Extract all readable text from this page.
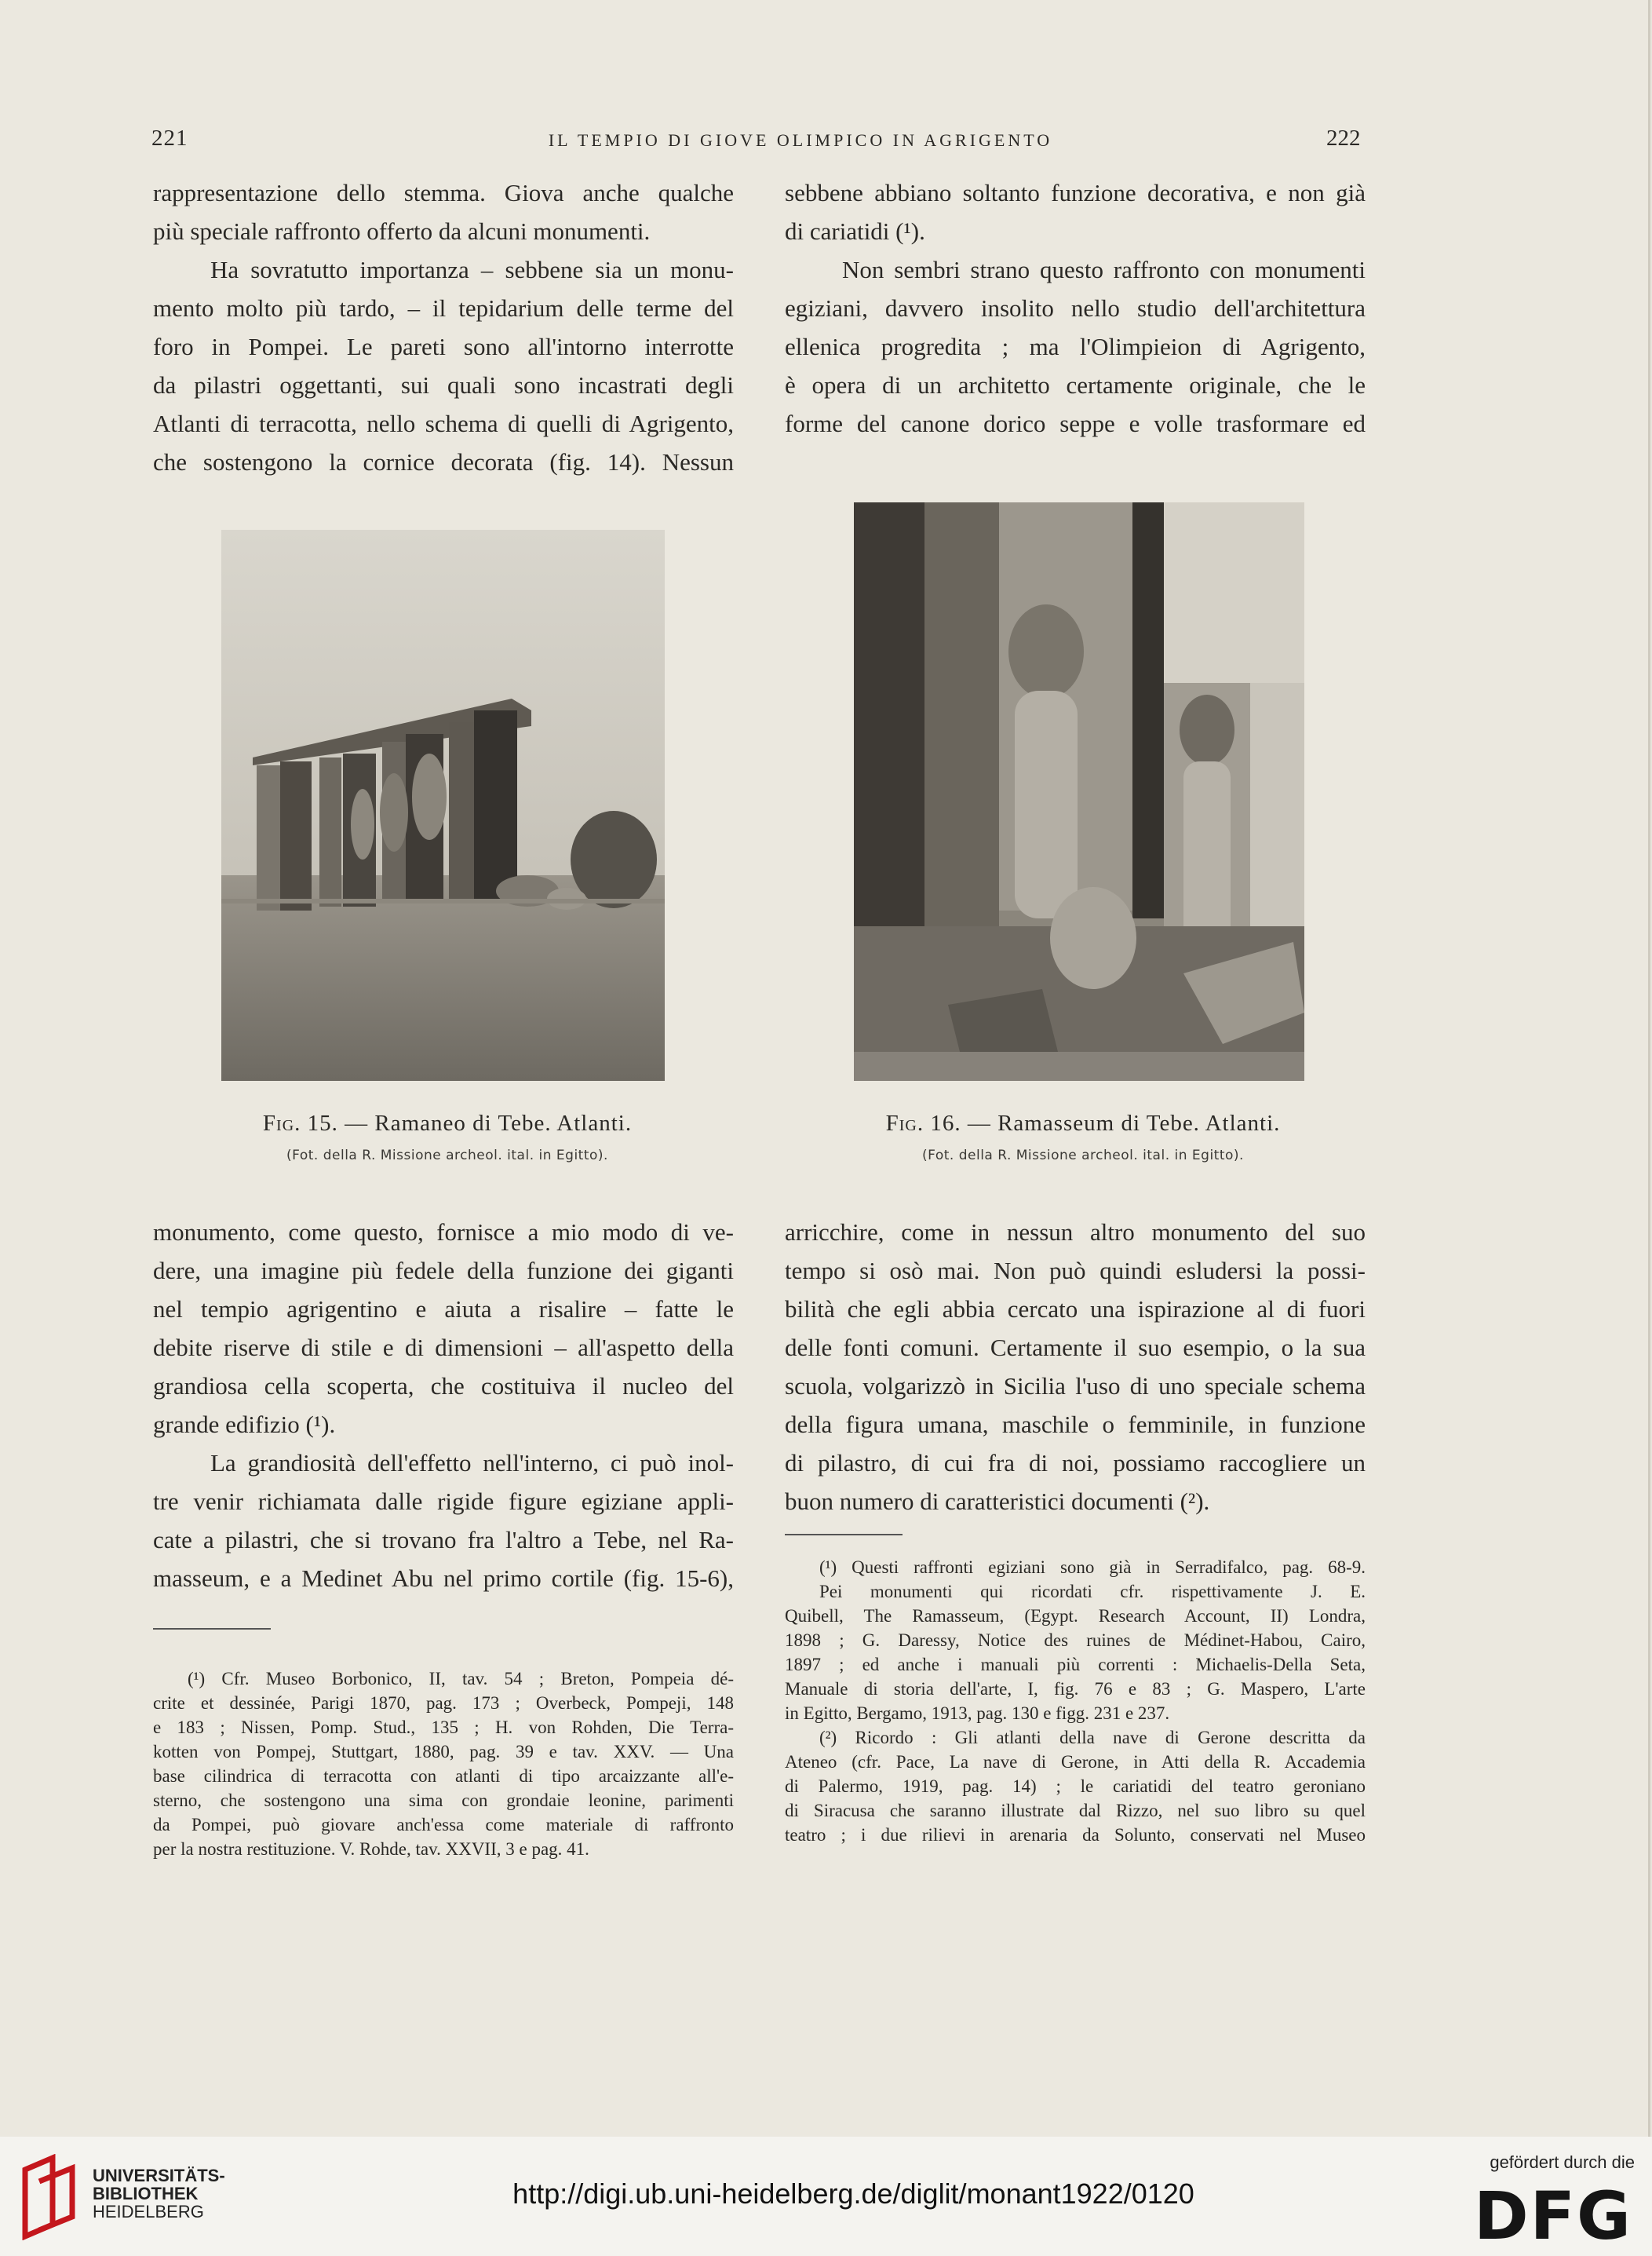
221	IL TEMPIO DI GIOVE OLIMPICO IN AGRIGENTO	222

rappresentazione dello stemma. Giova anche qualche

più speciale raffronto offerto da alcuni monumenti.

Ha sovratutto importanza – sebbene sia un monu-

mento molto più tardo, – il tepidarium delle terme del

foro in Pompei. Le pareti sono all'intorno interrotte

da pilastri oggettanti, sui quali sono incastrati degli

Atlanti di terracotta, nello schema di quelli di Agrigento,

che sostengono la cornice decorata (fig. 14). Nessun

sebbene abbiano soltanto funzione decorativa, e non già

di cariatidi (¹).

Non sembri strano questo raffronto con monumenti

egiziani, davvero insolito nello studio dell'architettura

ellenica progredita ; ma l'Olimpieion di Agrigento,

è opera di un architetto certamente originale, che le

forme del canone dorico seppe e volle trasformare ed

Fig. 15. — Ramaneo di Tebe. Atlanti.
(Fot. della R. Missione archeol. ital. in Egitto).
Fig. 16. — Ramasseum di Tebe. Atlanti.
(Fot. della R. Missione archeol. ital. in Egitto).

monumento, come questo, fornisce a mio modo di ve-

dere, una imagine più fedele della funzione dei giganti

nel tempio agrigentino e aiuta a risalire – fatte le

debite riserve di stile e di dimensioni – all'aspetto della

grandiosa cella scoperta, che costituiva il nucleo del

grande edifizio (¹).

La grandiosità dell'effetto nell'interno, ci può inol-

tre venir richiamata dalle rigide figure egiziane appli-

cate a pilastri, che si trovano fra l'altro a Tebe, nel Ra-

masseum, e a Medinet Abu nel primo cortile (fig. 15-6),

arricchire, come in nessun altro monumento del suo

tempo si osò mai. Non può quindi esludersi la possi-

bilità che egli abbia cercato una ispirazione al di fuori

delle fonti comuni. Certamente il suo esempio, o la sua

scuola, volgarizzò in Sicilia l'uso di uno speciale schema

della figura umana, maschile o femminile, in funzione

di pilastro, di cui fra di noi, possiamo raccogliere un

buon numero di caratteristici documenti (²).

(¹) Cfr. Museo Borbonico, II, tav. 54 ; Breton, Pompeia dé-

crite et dessinée, Parigi 1870, pag. 173 ; Overbeck, Pompeji, 148

e 183 ; Nissen, Pomp. Stud., 135 ; H. von Rohden, Die Terra-

kotten von Pompej, Stuttgart, 1880, pag. 39 e tav. XXV. — Una

base cilindrica di terracotta con atlanti di tipo arcaizzante all'e-

sterno, che sostengono una sima con grondaie leonine, parimenti

da Pompei, può giovare anch'essa come materiale di raffronto

per la nostra restituzione. V. Rohde, tav. XXVII, 3 e pag. 41.

(¹) Questi raffronti egiziani sono già in Serradifalco, pag. 68-9.

Pei monumenti qui ricordati cfr. rispettivamente J. E.

Quibell, The Ramasseum, (Egypt. Research Account, II) Londra,

1898 ; G. Daressy, Notice des ruines de Médinet-Habou, Cairo,

1897 ; ed anche i manuali più correnti : Michaelis-Della Seta,

Manuale di storia dell'arte, I, fig. 76 e 83 ; G. Maspero, L'arte

in Egitto, Bergamo, 1913, pag. 130 e figg. 231 e 237.

(²) Ricordo : Gli atlanti della nave di Gerone descritta da

Ateneo (cfr. Pace, La nave di Gerone, in Atti della R. Accademia

di Palermo, 1919, pag. 14) ; le cariatidi del teatro geroniano

di Siracusa che saranno illustrate dal Rizzo, nel suo libro su quel

teatro ; i due rilievi in arenaria da Solunto, conservati nel Museo

UNIVERSITÄTS-
BIBLIOTHEK
HEIDELBERG
http://digi.ub.uni-heidelberg.de/diglit/monant1922/0120
gefördert durch die
DFG
